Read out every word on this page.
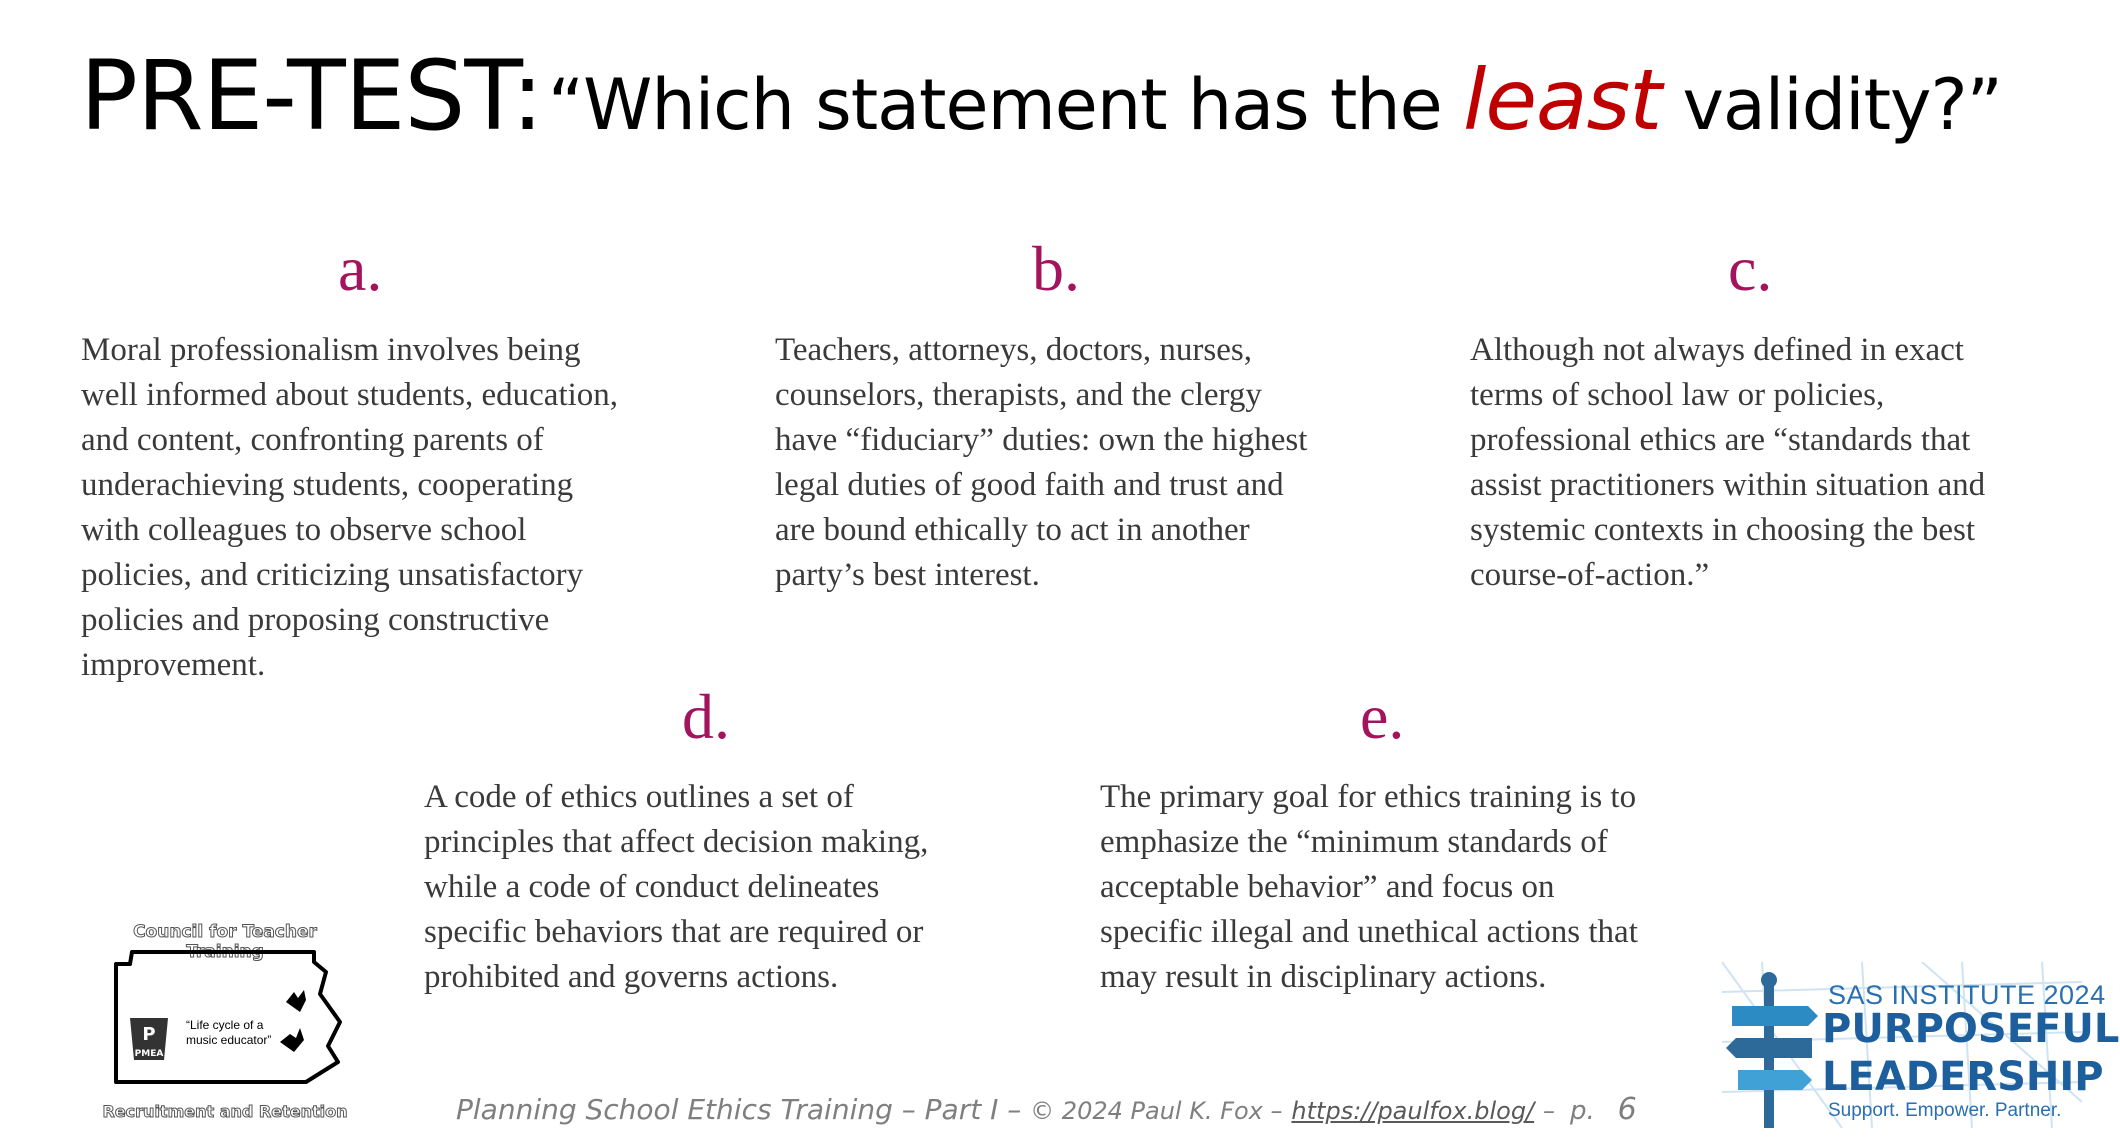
PRE-TEST: “Which statement has the least validity?”
a.
Moral professionalism involves being
well informed about students, education,
and content, confronting parents of
underachieving students, cooperating
with colleagues to observe school
policies, and criticizing unsatisfactory
policies and proposing constructive
improvement.
b.
Teachers, attorneys, doctors, nurses,
counselors, therapists, and the clergy
have “fiduciary” duties: own the highest
legal duties of good faith and trust and
are bound ethically to act in another
party’s best interest.
c.
Although not always defined in exact
terms of school law or policies,
professional ethics are “standards that
assist practitioners within situation and
systemic contexts in choosing the best
course-of-action.”
d.
A code of ethics outlines a set of
principles that affect decision making,
while a code of conduct delineates
specific behaviors that are required or
prohibited and governs actions.
e.
The primary goal for ethics training is to
emphasize the “minimum standards of
acceptable behavior” and focus on
specific illegal and unethical actions that
may result in disciplinary actions.
Council for Teacher Training
P
PMEA
“Life cycle of a
music educator”
Recruitment and Retention	Planning School Ethics Training – Part I – © 2024 Paul K. Fox – https://paulfox.blog/ – p. 6
SAS INSTITUTE 2024
PURPOSEFUL
LEADERSHIP
Support. Empower. Partner.
